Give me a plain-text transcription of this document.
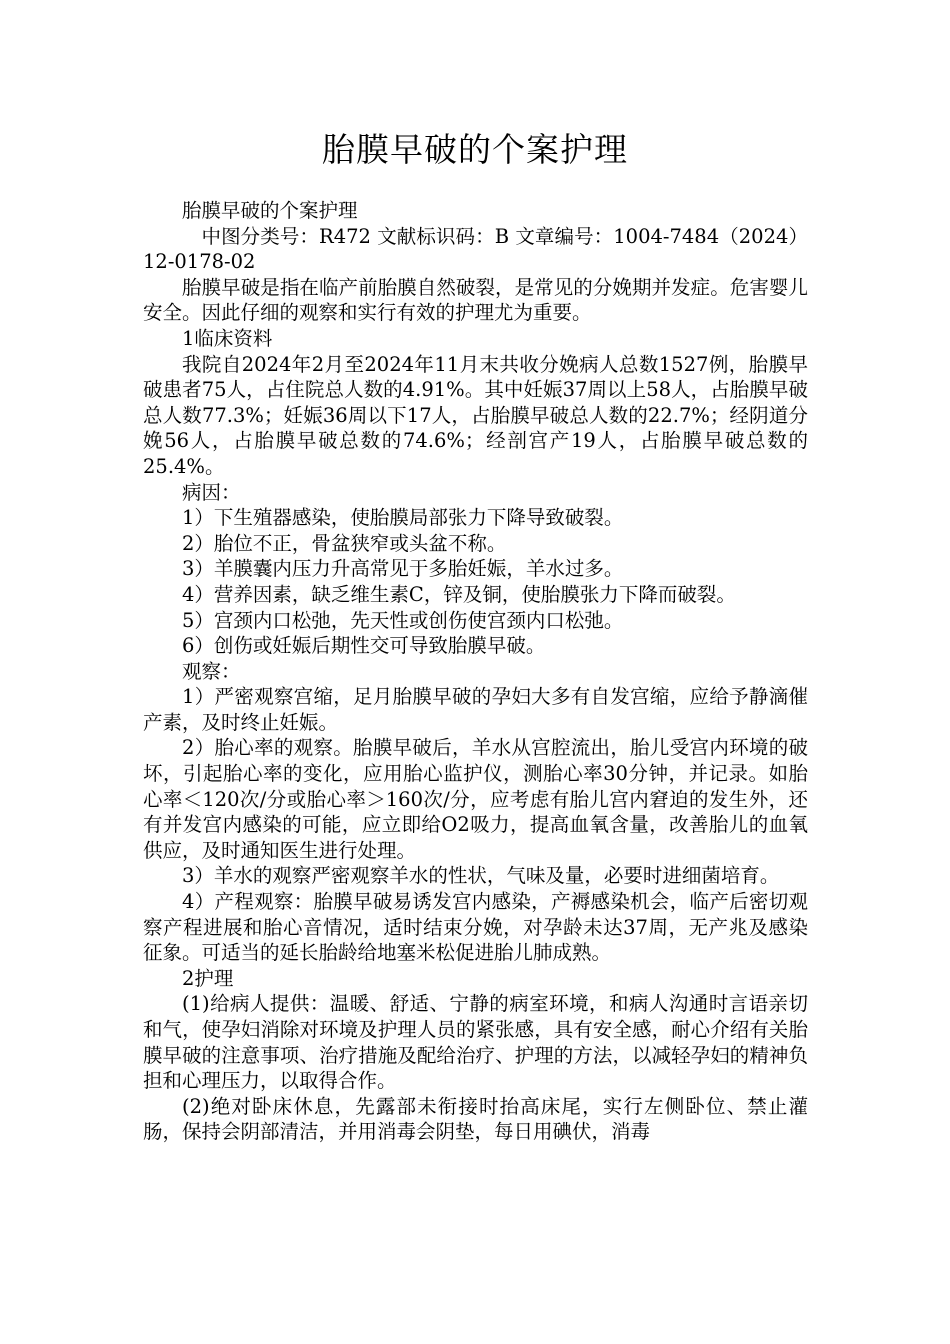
胎膜早破的个案护理

胎膜早破的个案护理

中图分类号：R472 文献标识码：B 文章编号：1004-7484（2024）12-0178-02

胎膜早破是指在临产前胎膜自然破裂，是常见的分娩期并发症。危害婴儿安全。因此仔细的观察和实行有效的护理尤为重要。

1临床资料

我院自2024年2月至2024年11月末共收分娩病人总数1527例，胎膜早破患者75人，占住院总人数的4.91%。其中妊娠37周以上58人，占胎膜早破总人数77.3%；妊娠36周以下17人，占胎膜早破总人数的22.7%；经阴道分娩56人，占胎膜早破总数的74.6%；经剖宫产19人，占胎膜早破总数的25.4%。

病因：

1）下生殖器感染，使胎膜局部张力下降导致破裂。

2）胎位不正，骨盆狭窄或头盆不称。

3）羊膜囊内压力升高常见于多胎妊娠，羊水过多。

4）营养因素，缺乏维生素C，锌及铜，使胎膜张力下降而破裂。

5）宫颈内口松弛，先天性或创伤使宫颈内口松弛。

6）创伤或妊娠后期性交可导致胎膜早破。

观察：

1）严密观察宫缩，足月胎膜早破的孕妇大多有自发宫缩，应给予静滴催产素，及时终止妊娠。

2）胎心率的观察。胎膜早破后，羊水从宫腔流出，胎儿受宫内环境的破坏，引起胎心率的变化，应用胎心监护仪，测胎心率30分钟，并记录。如胎心率＜120次/分或胎心率＞160次/分，应考虑有胎儿宫内窘迫的发生外，还有并发宫内感染的可能，应立即给O2吸力，提高血氧含量，改善胎儿的血氧供应，及时通知医生进行处理。

3）羊水的观察严密观察羊水的性状，气味及量，必要时进细菌培育。

4）产程观察：胎膜早破易诱发宫内感染，产褥感染机会，临产后密切观察产程进展和胎心音情况，适时结束分娩，对孕龄未达37周，无产兆及感染征象。可适当的延长胎龄给地塞米松促进胎儿肺成熟。

2护理

(1)给病人提供：温暖、舒适、宁静的病室环境，和病人沟通时言语亲切和气，使孕妇消除对环境及护理人员的紧张感，具有安全感，耐心介绍有关胎膜早破的注意事项、治疗措施及配给治疗、护理的方法，以减轻孕妇的精神负担和心理压力，以取得合作。

(2)绝对卧床休息，先露部未衔接时抬高床尾，实行左侧卧位、禁止灌肠，保持会阴部清洁，并用消毒会阴垫，每日用碘伏，消毒
